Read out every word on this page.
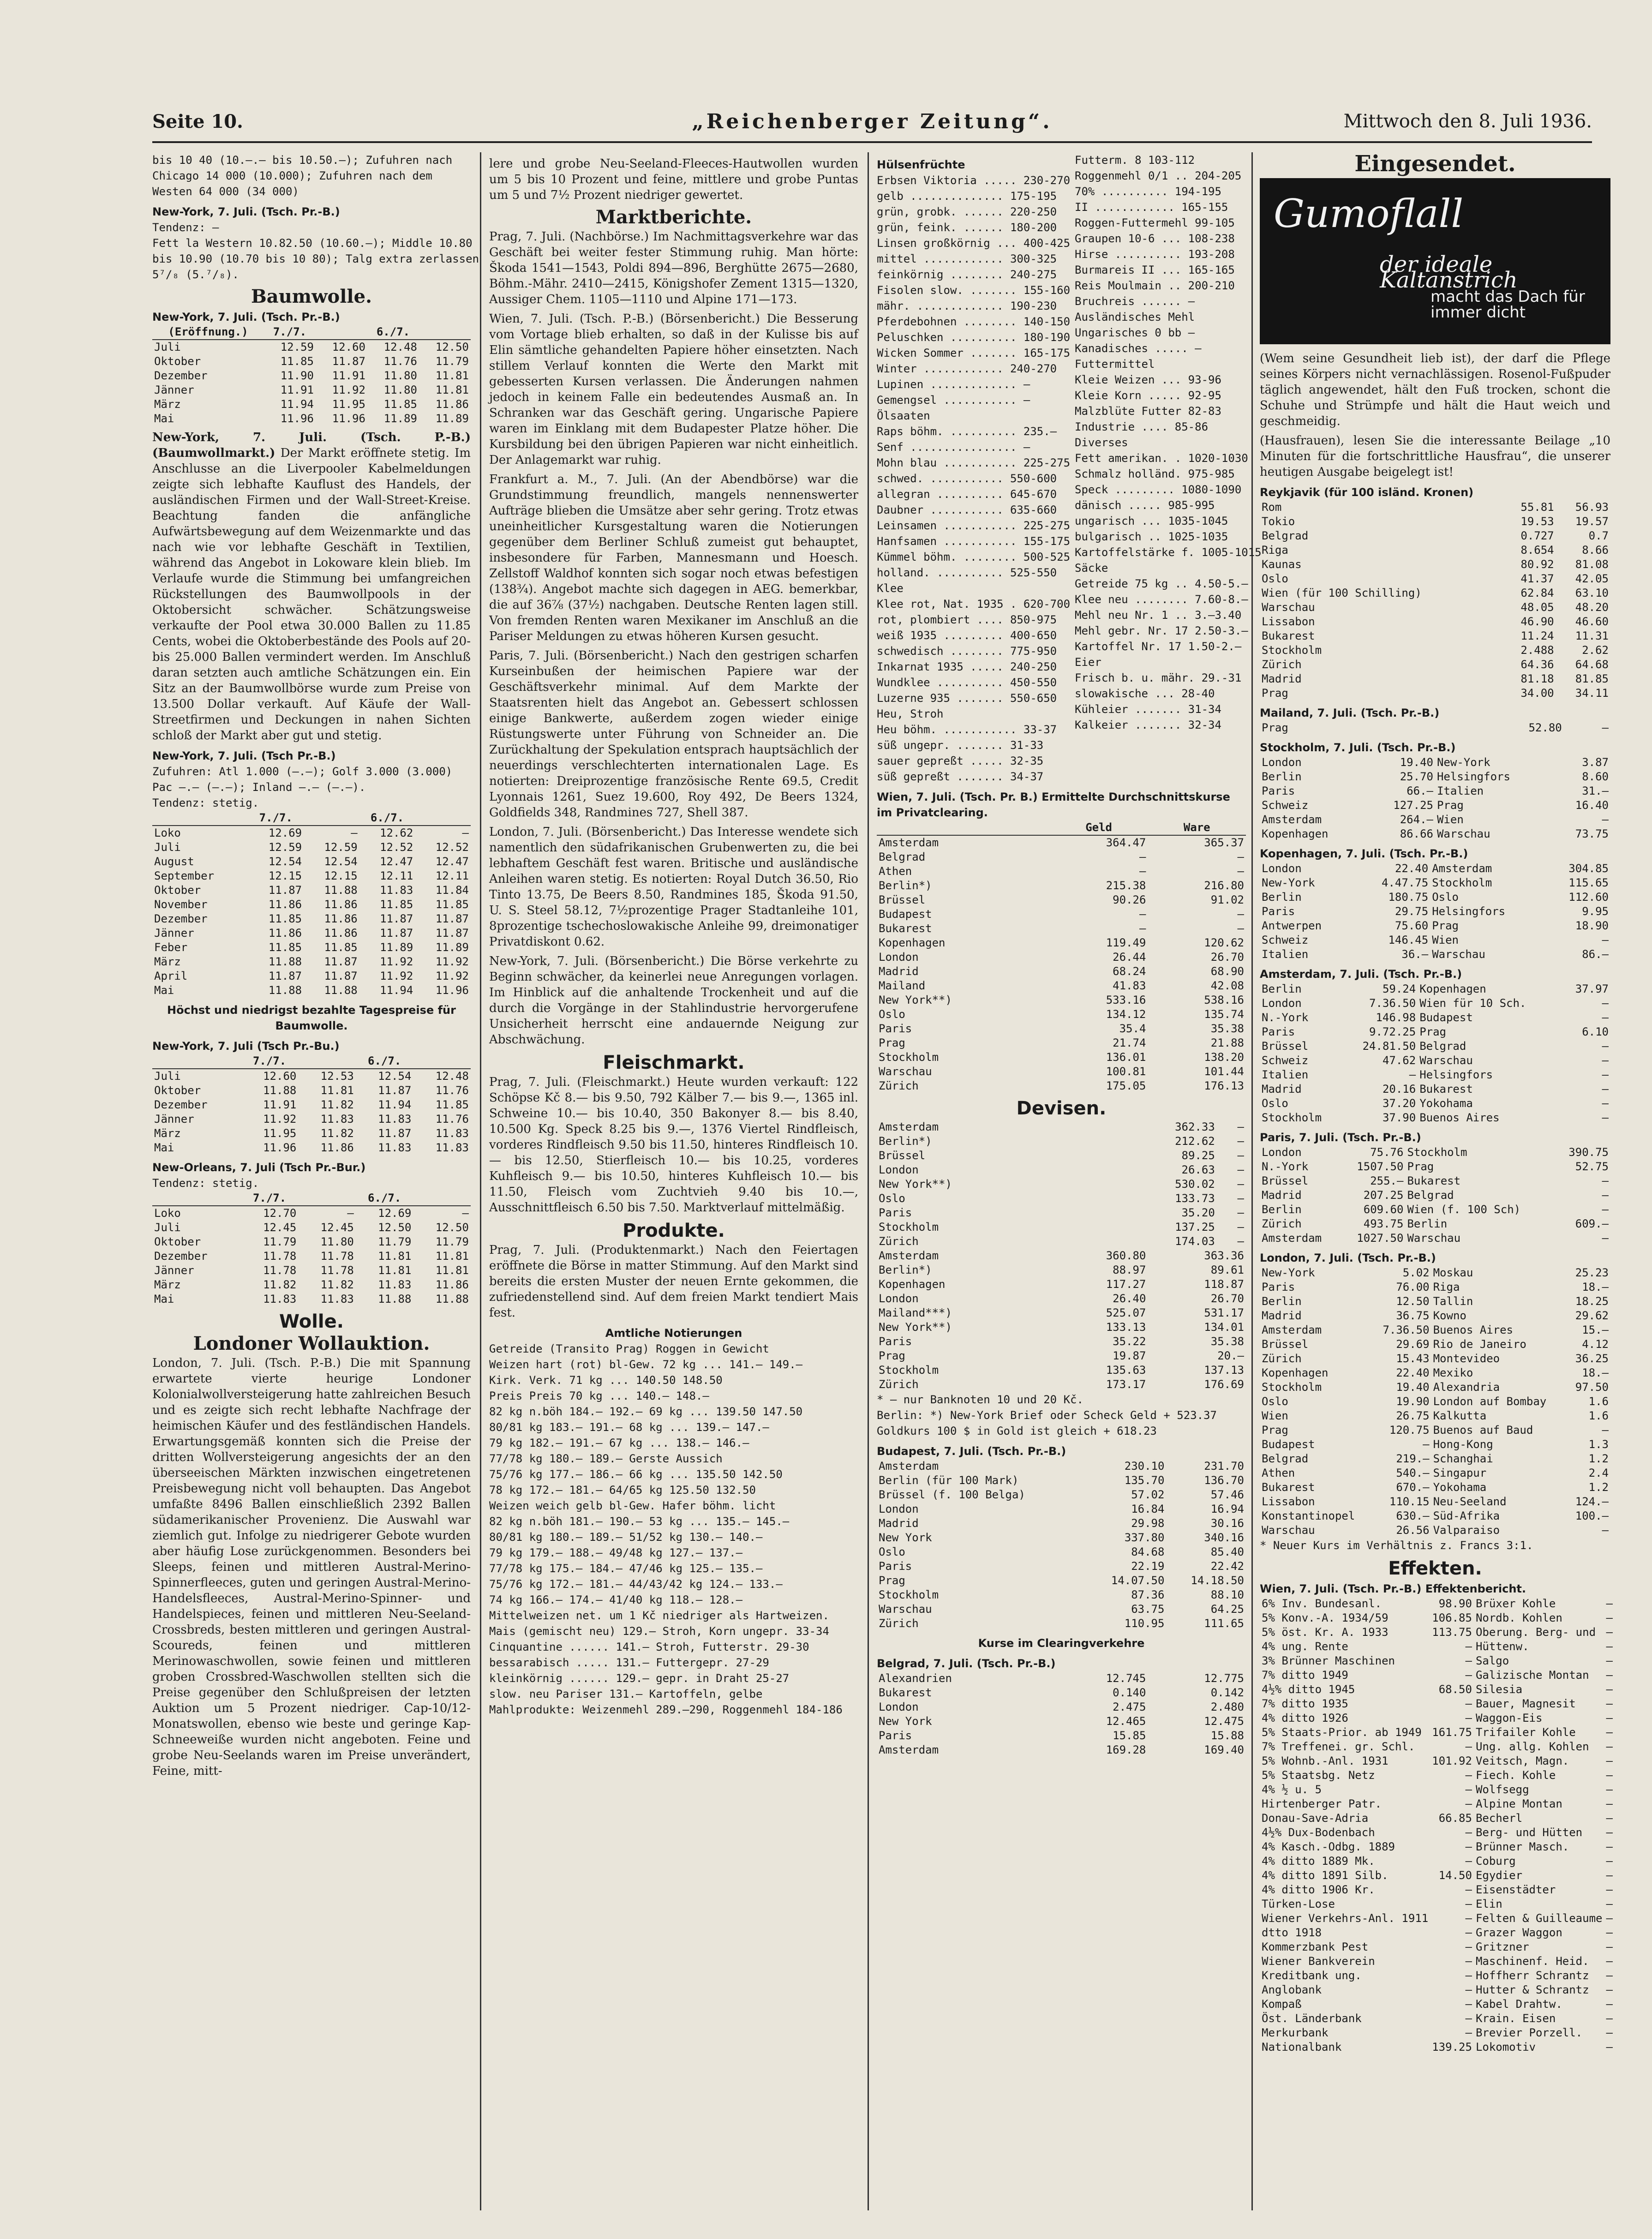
Seite 10.	„Reichenberger Zeitung“.	Mittwoch den 8. Juli 1936.
bis 10 40 (10.—.— bis 10.50.—); Zufuhren nach
Chicago 14 000 (10.000); Zufuhren nach dem
Westen 64 000 (34 000)
New-York, 7. Juli. (Tsch. Pr.-B.)
Tendenz: —
Fett la Western 10.82.50 (10.60.—); Middle 10.80
bis 10.90 (10.70 bis 10 80); Talg extra zerlassen
5⁷/₈ (5.⁷/₈).
Baumwolle.
New-York, 7. Juli. (Tsch. Pr.-B.)
(Eröffnung.)	7./7.		6./7.	
Juli	12.59	12.60	12.48	12.50
Oktober	11.85	11.87	11.76	11.79
Dezember	11.90	11.91	11.80	11.81
Jänner	11.91	11.92	11.80	11.81
März	11.94	11.95	11.85	11.86
Mai	11.96	11.96	11.89	11.89
New-York, 7. Juli. (Tsch. P.-B.) (Baumwollmarkt.) Der Markt eröffnete stetig. Im Anschlusse an die Liverpooler Kabelmeldungen zeigte sich lebhafte Kauflust des Handels, der ausländischen Firmen und der Wall-Street-Kreise. Beachtung fanden die anfängliche Aufwärtsbewegung auf dem Weizenmarkte und das nach wie vor lebhafte Geschäft in Textilien, während das Angebot in Lokoware klein blieb. Im Verlaufe wurde die Stimmung bei umfangreichen Rückstellungen des Baumwollpools in der Oktobersicht schwächer. Schätzungsweise verkaufte der Pool etwa 30.000 Ballen zu 11.85 Cents, wobei die Oktoberbestände des Pools auf 20- bis 25.000 Ballen vermindert werden. Im Anschluß daran setzten auch amtliche Schätzungen ein. Ein Sitz an der Baumwollbörse wurde zum Preise von 13.500 Dollar verkauft. Auf Käufe der Wall-Streetfirmen und Deckungen in nahen Sichten schloß der Markt aber gut und stetig.
New-York, 7. Juli. (Tsch Pr.-B.)
Zufuhren: Atl 1.000 (—.—); Golf 3.000 (3.000)
Pac —.— (—.—); Inland —.— (—.—).
Tendenz: stetig.
	7./7.		6./7.	
Loko	12.69	—	12.62	—
Juli	12.59	12.59	12.52	12.52
August	12.54	12.54	12.47	12.47
September	12.15	12.15	12.11	12.11
Oktober	11.87	11.88	11.83	11.84
November	11.86	11.86	11.85	11.85
Dezember	11.85	11.86	11.87	11.87
Jänner	11.86	11.86	11.87	11.87
Feber	11.85	11.85	11.89	11.89
März	11.88	11.87	11.92	11.92
April	11.87	11.87	11.92	11.92
Mai	11.88	11.88	11.94	11.96
Höchst und niedrigst bezahlte Tagespreise für Baumwolle.
New-York, 7. Juli (Tsch Pr.-Bu.)
	7./7.		6./7.	
Juli	12.60	12.53	12.54	12.48
Oktober	11.88	11.81	11.87	11.76
Dezember	11.91	11.82	11.94	11.85
Jänner	11.92	11.83	11.83	11.76
März	11.95	11.82	11.87	11.83
Mai	11.96	11.86	11.83	11.83
New-Orleans, 7. Juli (Tsch Pr.-Bur.)
Tendenz: stetig.
	7./7.		6./7.	
Loko	12.70	—	12.69	—
Juli	12.45	12.45	12.50	12.50
Oktober	11.79	11.80	11.79	11.79
Dezember	11.78	11.78	11.81	11.81
Jänner	11.78	11.78	11.81	11.81
März	11.82	11.82	11.83	11.86
Mai	11.83	11.83	11.88	11.88
Wolle.
Londoner Wollauktion.
London, 7. Juli. (Tsch. P.-B.) Die mit Spannung erwartete vierte heurige Londoner Kolonialwollversteigerung hatte zahlreichen Besuch und es zeigte sich recht lebhafte Nachfrage der heimischen Käufer und des festländischen Handels. Erwartungsgemäß konnten sich die Preise der dritten Wollversteigerung angesichts der an den überseeischen Märkten inzwischen eingetretenen Preisbewegung nicht voll behaupten. Das Angebot umfaßte 8496 Ballen einschließlich 2392 Ballen südamerikanischer Provenienz. Die Auswahl war ziemlich gut. Infolge zu niedrigerer Gebote wurden aber häufig Lose zurückgenommen. Besonders bei Sleeps, feinen und mittleren Austral-Merino-Spinnerfleeces, guten und geringen Austral-Merino-Handelsfleeces, Austral-Merino-Spinner- und Handelspieces, feinen und mittleren Neu-Seeland-Crossbreds, besten mittleren und geringen Austral-Scoureds, feinen und mittleren Merinowaschwollen, sowie feinen und mittleren groben Crossbred-Waschwollen stellten sich die Preise gegenüber den Schlußpreisen der letzten Auktion um 5 Prozent niedriger. Cap-10/12-Monatswollen, ebenso wie beste und geringe Kap-Schneeweiße wurden nicht angeboten. Feine und grobe Neu-Seelands waren im Preise unverändert, Feine, mitt-
lere und grobe Neu-Seeland-Fleeces-Hautwollen wurden um 5 bis 10 Prozent und feine, mittlere und grobe Puntas um 5 und 7½ Prozent niedriger gewertet.
Marktberichte.
Prag, 7. Juli. (Nachbörse.) Im Nachmittagsverkehre war das Geschäft bei weiter fester Stimmung ruhig. Man hörte: Škoda 1541—1543, Poldi 894—896, Berghütte 2675—2680, Böhm.-Mähr. 2410—2415, Königshofer Zement 1315—1320, Aussiger Chem. 1105—1110 und Alpine 171—173.
Wien, 7. Juli. (Tsch. P.-B.) (Börsenbericht.) Die Besserung vom Vortage blieb erhalten, so daß in der Kulisse bis auf Elin sämtliche gehandelten Papiere höher einsetzten. Nach stillem Verlauf konnten die Werte den Markt mit gebesserten Kursen verlassen. Die Änderungen nahmen jedoch in keinem Falle ein bedeutendes Ausmaß an. In Schranken war das Geschäft gering. Ungarische Papiere waren im Einklang mit dem Budapester Platze höher. Die Kursbildung bei den übrigen Papieren war nicht einheitlich. Der Anlagemarkt war ruhig.
Frankfurt a. M., 7. Juli. (An der Abendbörse) war die Grundstimmung freundlich, mangels nennenswerter Aufträge blieben die Umsätze aber sehr gering. Trotz etwas uneinheitlicher Kursgestaltung waren die Notierungen gegenüber dem Berliner Schluß zumeist gut behauptet, insbesondere für Farben, Mannesmann und Hoesch. Zellstoff Waldhof konnten sich sogar noch etwas befestigen (138¾). Angebot machte sich dagegen in AEG. bemerkbar, die auf 36⅞ (37½) nachgaben. Deutsche Renten lagen still. Von fremden Renten waren Mexikaner im Anschluß an die Pariser Meldungen zu etwas höheren Kursen gesucht.
Paris, 7. Juli. (Börsenbericht.) Nach den gestrigen scharfen Kurseinbußen der heimischen Papiere war der Geschäftsverkehr minimal. Auf dem Markte der Staatsrenten hielt das Angebot an. Gebessert schlossen einige Bankwerte, außerdem zogen wieder einige Rüstungswerte unter Führung von Schneider an. Die Zurückhaltung der Spekulation entsprach hauptsächlich der neuerdings verschlechterten internationalen Lage. Es notierten: Dreiprozentige französische Rente 69.5, Credit Lyonnais 1261, Suez 19.600, Roy 492, De Beers 1324, Goldfields 348, Randmines 727, Shell 387.
London, 7. Juli. (Börsenbericht.) Das Interesse wendete sich namentlich den südafrikanischen Grubenwerten zu, die bei lebhaftem Geschäft fest waren. Britische und ausländische Anleihen waren stetig. Es notierten: Royal Dutch 36.50, Rio Tinto 13.75, De Beers 8.50, Randmines 185, Škoda 91.50, U. S. Steel 58.12, 7½prozentige Prager Stadtanleihe 101, 8prozentige tschechoslowakische Anleihe 99, dreimonatiger Privatdiskont 0.62.
New-York, 7. Juli. (Börsenbericht.) Die Börse verkehrte zu Beginn schwächer, da keinerlei neue Anregungen vorlagen. Im Hinblick auf die anhaltende Trockenheit und auf die durch die Vorgänge in der Stahlindustrie hervorgerufene Unsicherheit herrscht eine andauernde Neigung zur Abschwächung.
Fleischmarkt.
Prag, 7. Juli. (Fleischmarkt.) Heute wurden verkauft: 122 Schöpse Kč 8.— bis 9.50, 792 Kälber 7.— bis 9.—, 1365 inl. Schweine 10.— bis 10.40, 350 Bakonyer 8.— bis 8.40, 10.500 Kg. Speck 8.25 bis 9.—, 1376 Viertel Rindfleisch, vorderes Rindfleisch 9.50 bis 11.50, hinteres Rindfleisch 10.— bis 12.50, Stierfleisch 10.— bis 10.25, vorderes Kuhfleisch 9.— bis 10.50, hinteres Kuhfleisch 10.— bis 11.50, Fleisch vom Zuchtvieh 9.40 bis 10.—, Ausschnittfleisch 6.50 bis 7.50. Marktverlauf mittelmäßig.
Produkte.
Prag, 7. Juli. (Produktenmarkt.) Nach den Feiertagen eröffnete die Börse in matter Stimmung. Auf den Markt sind bereits die ersten Muster der neuen Ernte gekommen, die zufriedenstellend sind. Auf dem freien Markt tendiert Mais fest.
Amtliche Notierungen
Getreide (Transito Prag) Roggen in Gewicht
Weizen hart (rot) bl-Gew. 72 kg ... 141.— 149.—
Kirk. Verk. 71 kg ... 140.50 148.50
Preis Preis 70 kg ... 140.— 148.—
82 kg n.böh 184.— 192.— 69 kg ... 139.50 147.50
80/81 kg 183.— 191.— 68 kg ... 139.— 147.—
79 kg 182.— 191.— 67 kg ... 138.— 146.—
77/78 kg 180.— 189.— Gerste Aussich
75/76 kg 177.— 186.— 66 kg ... 135.50 142.50
78 kg 172.— 181.— 64/65 kg 125.50 132.50
Weizen weich gelb bl-Gew. Hafer böhm. licht
82 kg n.böh 181.— 190.— 53 kg ... 135.— 145.—
80/81 kg 180.— 189.— 51/52 kg 130.— 140.—
79 kg 179.— 188.— 49/48 kg 127.— 137.—
77/78 kg 175.— 184.— 47/46 kg 125.— 135.—
75/76 kg 172.— 181.— 44/43/42 kg 124.— 133.—
74 kg 166.— 174.— 41/40 kg 118.— 128.—
Mittelweizen net. um 1 Kč niedriger als Hartweizen.
Mais (gemischt neu) 129.— Stroh, Korn ungepr. 33-34
Cinquantine ...... 141.— Stroh, Futterstr. 29-30
bessarabisch ..... 131.— Futtergepr. 27-29
kleinkörnig ...... 129.— gepr. in Draht 25-27
slow. neu Pariser 131.— Kartoffeln, gelbe
Mahlprodukte: Weizenmehl 289.—290, Roggenmehl 184-186
Hülsenfrüchte
Erbsen Viktoria ..... 230-270
gelb .............. 175-195
grün, grobk. ...... 220-250
grün, feink. ...... 180-200
Linsen großkörnig ... 400-425
mittel ............ 300-325
feinkörnig ........ 240-275
Fisolen slow. ....... 155-160
mähr. ............. 190-230
Pferdebohnen ........ 140-150
Peluschken .......... 180-190
Wicken Sommer ....... 165-175
Winter ............ 240-270
Lupinen ............. —
Gemengsel ........... —
Ölsaaten
Raps böhm. .......... 235.—
Senf ................ —
Mohn blau ........... 225-275
schwed. ........... 550-600
allegran .......... 645-670
Daubner ........... 635-660
Leinsamen ........... 225-275
Hanfsamen ........... 155-175
Kümmel böhm. ........ 500-525
holland. .......... 525-550
Klee
Klee rot, Nat. 1935 . 620-700
rot, plombiert .... 850-975
weiß 1935 ......... 400-650
schwedisch ........ 775-950
Inkarnat 1935 ..... 240-250
Wundklee .......... 450-550
Luzerne 935 ....... 550-650
Heu, Stroh
Heu böhm. ........... 33-37
süß ungepr. ....... 31-33
sauer gepreßt ..... 32-35
süß gepreßt ....... 34-37
Futterm. 8 103-112
Roggenmehl 0/1 .. 204-205
70% .......... 194-195
II ............ 165-155
Roggen-Futtermehl 99-105
Graupen 10-6 ... 108-238
Hirse .......... 193-208
Burmareis II ... 165-165
Reis Moulmain .. 200-210
Bruchreis ...... —
Ausländisches Mehl
Ungarisches 0 bb —
Kanadisches ..... —
Futtermittel
Kleie Weizen ... 93-96
Kleie Korn ..... 92-95
Malzblüte Futter 82-83
Industrie .... 85-86
Diverses
Fett amerikan. . 1020-1030
Schmalz holländ. 975-985
Speck ......... 1080-1090
dänisch ..... 985-995
ungarisch ... 1035-1045
bulgarisch .. 1025-1035
Kartoffelstärke f. 1005-1015
Säcke
Getreide 75 kg .. 4.50-5.—
Klee neu ........ 7.60-8.—
Mehl neu Nr. 1 .. 3.—3.40
Mehl gebr. Nr. 17 2.50-3.—
Kartoffel Nr. 17 1.50-2.—
Eier
Frisch b. u. mähr. 29.-31
slowakische ... 28-40
Kühleier ....... 31-34
Kalkeier ....... 32-34
Wien, 7. Juli. (Tsch. Pr. B.) Ermittelte Durchschnittskurse im Privatclearing.
	Geld	Ware
Amsterdam	364.47	365.37
Belgrad	—	—
Athen	—	—
Berlin*)	215.38	216.80
Brüssel	90.26	91.02
Budapest	—	—
Bukarest	—	—
Kopenhagen	119.49	120.62
London	26.44	26.70
Madrid	68.24	68.90
Mailand	41.83	42.08
New York**)	533.16	538.16
Oslo	134.12	135.74
Paris	35.4	35.38
Prag	21.74	21.88
Stockholm	136.01	138.20
Warschau	100.81	101.44
Zürich	175.05	176.13
Devisen.
Amsterdam	362.33	—
Berlin*)	212.62	—
Brüssel	89.25	—
London	26.63	—
New York**)	530.02	—
Oslo	133.73	—
Paris	35.20	—
Stockholm	137.25	—
Zürich	174.03	—
Amsterdam	360.80	363.36
Berlin*)	88.97	89.61
Kopenhagen	117.27	118.87
London	26.40	26.70
Mailand***)	525.07	531.17
New York**)	133.13	134.01
Paris	35.22	35.38
Prag	19.87	20.—
Stockholm	135.63	137.13
Zürich	173.17	176.69
* — nur Banknoten 10 und 20 Kč.
Berlin: *) New-York Brief oder Scheck Geld + 523.37
Goldkurs 100 $ in Gold ist gleich + 618.23
Budapest, 7. Juli. (Tsch. Pr.-B.)
Amsterdam	230.10	231.70
Berlin (für 100 Mark)	135.70	136.70
Brüssel (f. 100 Belga)	57.02	57.46
London	16.84	16.94
Madrid	29.98	30.16
New York	337.80	340.16
Oslo	84.68	85.40
Paris	22.19	22.42
Prag	14.07.50	14.18.50
Stockholm	87.36	88.10
Warschau	63.75	64.25
Zürich	110.95	111.65
Kurse im Clearingverkehre
Belgrad, 7. Juli. (Tsch. Pr.-B.)
Alexandrien	12.745	12.775
Bukarest	0.140	0.142
London	2.475	2.480
New York	12.465	12.475
Paris	15.85	15.88
Amsterdam	169.28	169.40
Eingesendet.
Gumoflall
der ideale Kaltanstrich
macht das Dach für immer dicht
(Wem seine Gesundheit lieb ist), der darf die Pflege seines Körpers nicht vernachlässigen. Rosenol-Fußpuder täglich angewendet, hält den Fuß trocken, schont die Schuhe und Strümpfe und hält die Haut weich und geschmeidig.
(Hausfrauen), lesen Sie die interessante Beilage „10 Minuten für die fortschrittliche Hausfrau“, die unserer heutigen Ausgabe beigelegt ist!
Reykjavik (für 100 isländ. Kronen)
Rom	55.81	56.93
Tokio	19.53	19.57
Belgrad	0.727	0.7
Riga	8.654	8.66
Kaunas	80.92	81.08
Oslo	41.37	42.05
Wien (für 100 Schilling)	62.84	63.10
Warschau	48.05	48.20
Lissabon	46.90	46.60
Bukarest	11.24	11.31
Stockholm	2.488	2.62
Zürich	64.36	64.68
Madrid	81.18	81.85
Prag	34.00	34.11
Mailand, 7. Juli. (Tsch. Pr.-B.)
Prag	52.80	—
Stockholm, 7. Juli. (Tsch. Pr.-B.)
London	19.40	New-York	3.87
Berlin	25.70	Helsingfors	8.60
Paris	66.—	Italien	31.—
Schweiz	127.25	Prag	16.40
Amsterdam	264.—	Wien	—
Kopenhagen	86.66	Warschau	73.75
Kopenhagen, 7. Juli. (Tsch. Pr.-B.)
London	22.40	Amsterdam	304.85
New-York	4.47.75	Stockholm	115.65
Berlin	180.75	Oslo	112.60
Paris	29.75	Helsingfors	9.95
Antwerpen	75.60	Prag	18.90
Schweiz	146.45	Wien	—
Italien	36.—	Warschau	86.—
Amsterdam, 7. Juli. (Tsch. Pr.-B.)
Berlin	59.24	Kopenhagen	37.97
London	7.36.50	Wien für 10 Sch.	—
N.-York	146.98	Budapest	—
Paris	9.72.25	Prag	6.10
Brüssel	24.81.50	Belgrad	—
Schweiz	47.62	Warschau	—
Italien	—	Helsingfors	—
Madrid	20.16	Bukarest	—
Oslo	37.20	Yokohama	—
Stockholm	37.90	Buenos Aires	—
Paris, 7. Juli. (Tsch. Pr.-B.)
London	75.76	Stockholm	390.75
N.-York	1507.50	Prag	52.75
Brüssel	255.—	Bukarest	—
Madrid	207.25	Belgrad	—
Berlin	609.60	Wien (f. 100 Sch)	—
Zürich	493.75	Berlin	609.—
Amsterdam	1027.50	Warschau	—
London, 7. Juli. (Tsch. Pr.-B.)
New-York	5.02	Moskau	25.23
Paris	76.00	Riga	18.—
Berlin	12.50	Tallin	18.25
Madrid	36.75	Kowno	29.62
Amsterdam	7.36.50	Buenos Aires	15.—
Brüssel	29.69	Rio de Janeiro	4.12
Zürich	15.43	Montevideo	36.25
Kopenhagen	22.40	Mexiko	18.—
Stockholm	19.40	Alexandria	97.50
Oslo	19.90	London auf Bombay	1.6
Wien	26.75	Kalkutta	1.6
Prag	120.75	Buenos auf Baud	—
Budapest	—	Hong-Kong	1.3
Belgrad	219.—	Schanghai	1.2
Athen	540.—	Singapur	2.4
Bukarest	670.—	Yokohama	1.2
Lissabon	110.15	Neu-Seeland	124.—
Konstantinopel	630.—	Süd-Afrika	100.—
Warschau	26.56	Valparaiso	—
* Neuer Kurs im Verhältnis z. Francs 3:1.
Effekten.
Wien, 7. Juli. (Tsch. Pr.-B.) Effektenbericht.
6% Inv. Bundesanl.	98.90	Brüxer Kohle	—
5% Konv.-A. 1934/59	106.85	Nordb. Kohlen	—
5% öst. Kr. A. 1933	113.75	Oberung. Berg- und	—
4% ung. Rente	—	Hüttenw.	—
3% Brünner Maschinen	—	Salgo	—
7% ditto 1949	—	Galizische Montan	—
4½% ditto 1945	68.50	Silesia	—
7% ditto 1935	—	Bauer, Magnesit	—
4% ditto 1926	—	Waggon-Eis	—
5% Staats-Prior. ab 1949	161.75	Trifailer Kohle	—
7% Treffenei. gr. Schl.	—	Ung. allg. Kohlen	—
5% Wohnb.-Anl. 1931	101.92	Veitsch, Magn.	—
5% Staatsbg. Netz	—	Fiech. Kohle	—
4% ½ u. 5	—	Wolfsegg	—
Hirtenberger Patr.	—	Alpine Montan	—
Donau-Save-Adria	66.85	Becherl	—
4½% Dux-Bodenbach	—	Berg- und Hütten	—
4% Kasch.-Odbg. 1889	—	Brünner Masch.	—
4% ditto 1889 Mk.	—	Coburg	—
4% ditto 1891 Silb.	14.50	Egydier	—
4% ditto 1906 Kr.	—	Eisenstädter	—
Türken-Lose	—	Elin	—
Wiener Verkehrs-Anl. 1911	—	Felten & Guilleaume	—
dtto 1918	—	Grazer Waggon	—
Kommerzbank Pest	—	Gritzner	—
Wiener Bankverein	—	Maschinenf. Heid.	—
Kreditbank ung.	—	Hoffherr Schrantz	—
Anglobank	—	Hutter & Schrantz	—
Kompaß	—	Kabel Drahtw.	—
Öst. Länderbank	—	Krain. Eisen	—
Merkurbank	—	Brevier Porzell.	—
Nationalbank	139.25	Lokomotiv	—
